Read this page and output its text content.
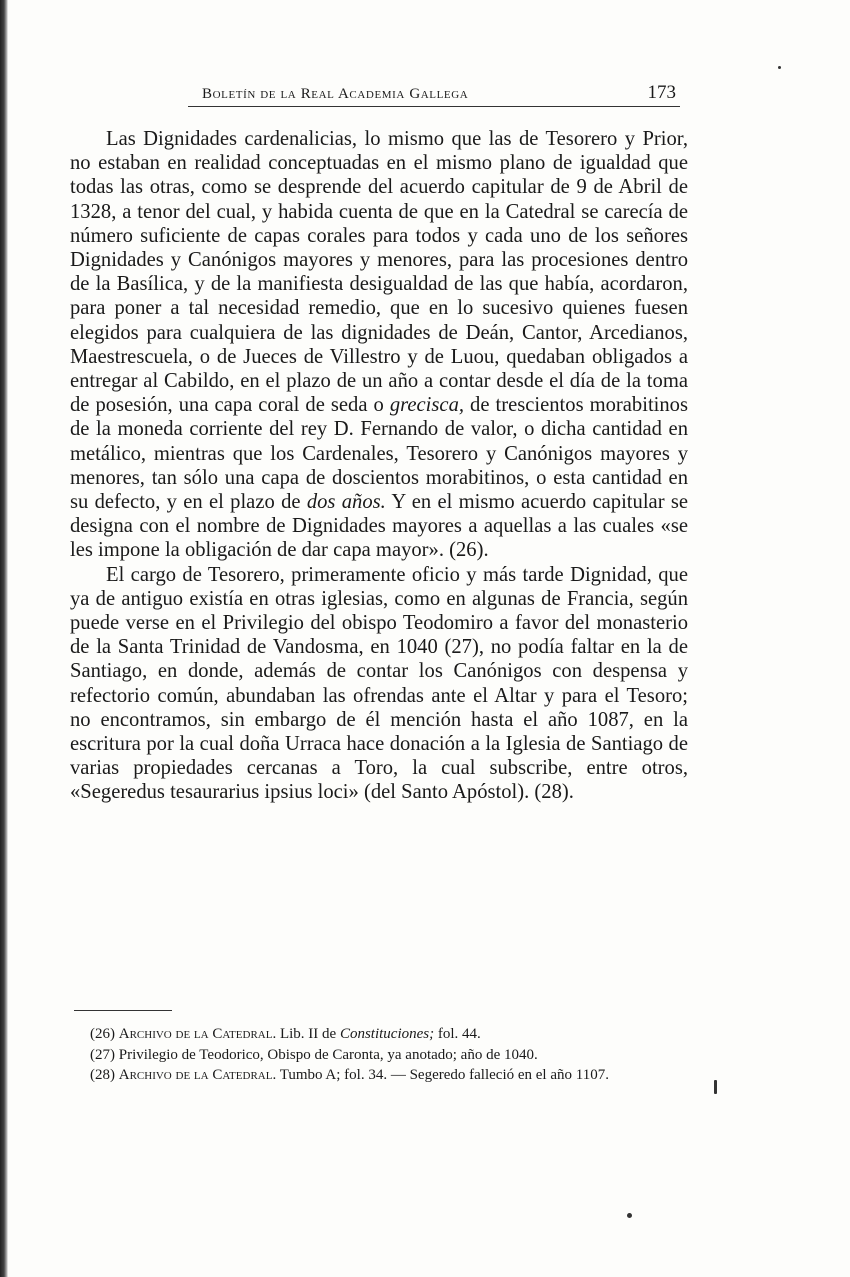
Boletín de la Real Academia Gallega	173

Las Dignidades cardenalicias, lo mismo que las de Tesorero y Prior, no estaban en realidad conceptuadas en el mismo plano de igualdad que todas las otras, como se desprende del acuerdo capitular de 9 de Abril de 1328, a tenor del cual, y habida cuenta de que en la Catedral se carecía de número suficiente de capas corales para todos y cada uno de los señores Dignidades y Canónigos mayores y menores, para las procesiones dentro de la Basílica, y de la manifiesta desigualdad de las que había, acordaron, para poner a tal necesidad remedio, que en lo sucesivo quienes fuesen elegidos para cualquiera de las dignidades de Deán, Cantor, Arcedianos, Maestrescuela, o de Jueces de Villestro y de Luou, quedaban obligados a entregar al Cabildo, en el plazo de un año a contar desde el día de la toma de posesión, una capa coral de seda o grecisca, de trescientos morabitinos de la moneda corriente del rey D. Fernando de valor, o dicha cantidad en metálico, mientras que los Cardenales, Tesorero y Canónigos mayores y menores, tan sólo una capa de doscientos morabitinos, o esta cantidad en su defecto, y en el plazo de dos años. Y en el mismo acuerdo capitular se designa con el nombre de Dignidades mayores a aquellas a las cuales «se les impone la obligación de dar capa mayor». (26).

El cargo de Tesorero, primeramente oficio y más tarde Dignidad, que ya de antiguo existía en otras iglesias, como en algunas de Francia, según puede verse en el Privilegio del obispo Teodomiro a favor del monasterio de la Santa Trinidad de Vandosma, en 1040 (27), no podía faltar en la de Santiago, en donde, además de contar los Canónigos con despensa y refectorio común, abundaban las ofrendas ante el Altar y para el Tesoro; no encontramos, sin embargo de él mención hasta el año 1087, en la escritura por la cual doña Urraca hace donación a la Iglesia de Santiago de varias propiedades cercanas a Toro, la cual subscribe, entre otros, «Segeredus tesaurarius ipsius loci» (del Santo Apóstol). (28).

(26) Archivo de la Catedral. Lib. II de Constituciones; fol. 44.

(27) Privilegio de Teodorico, Obispo de Caronta, ya anotado; año de 1040.

(28) Archivo de la Catedral. Tumbo A; fol. 34. — Segeredo falleció en el año 1107.
